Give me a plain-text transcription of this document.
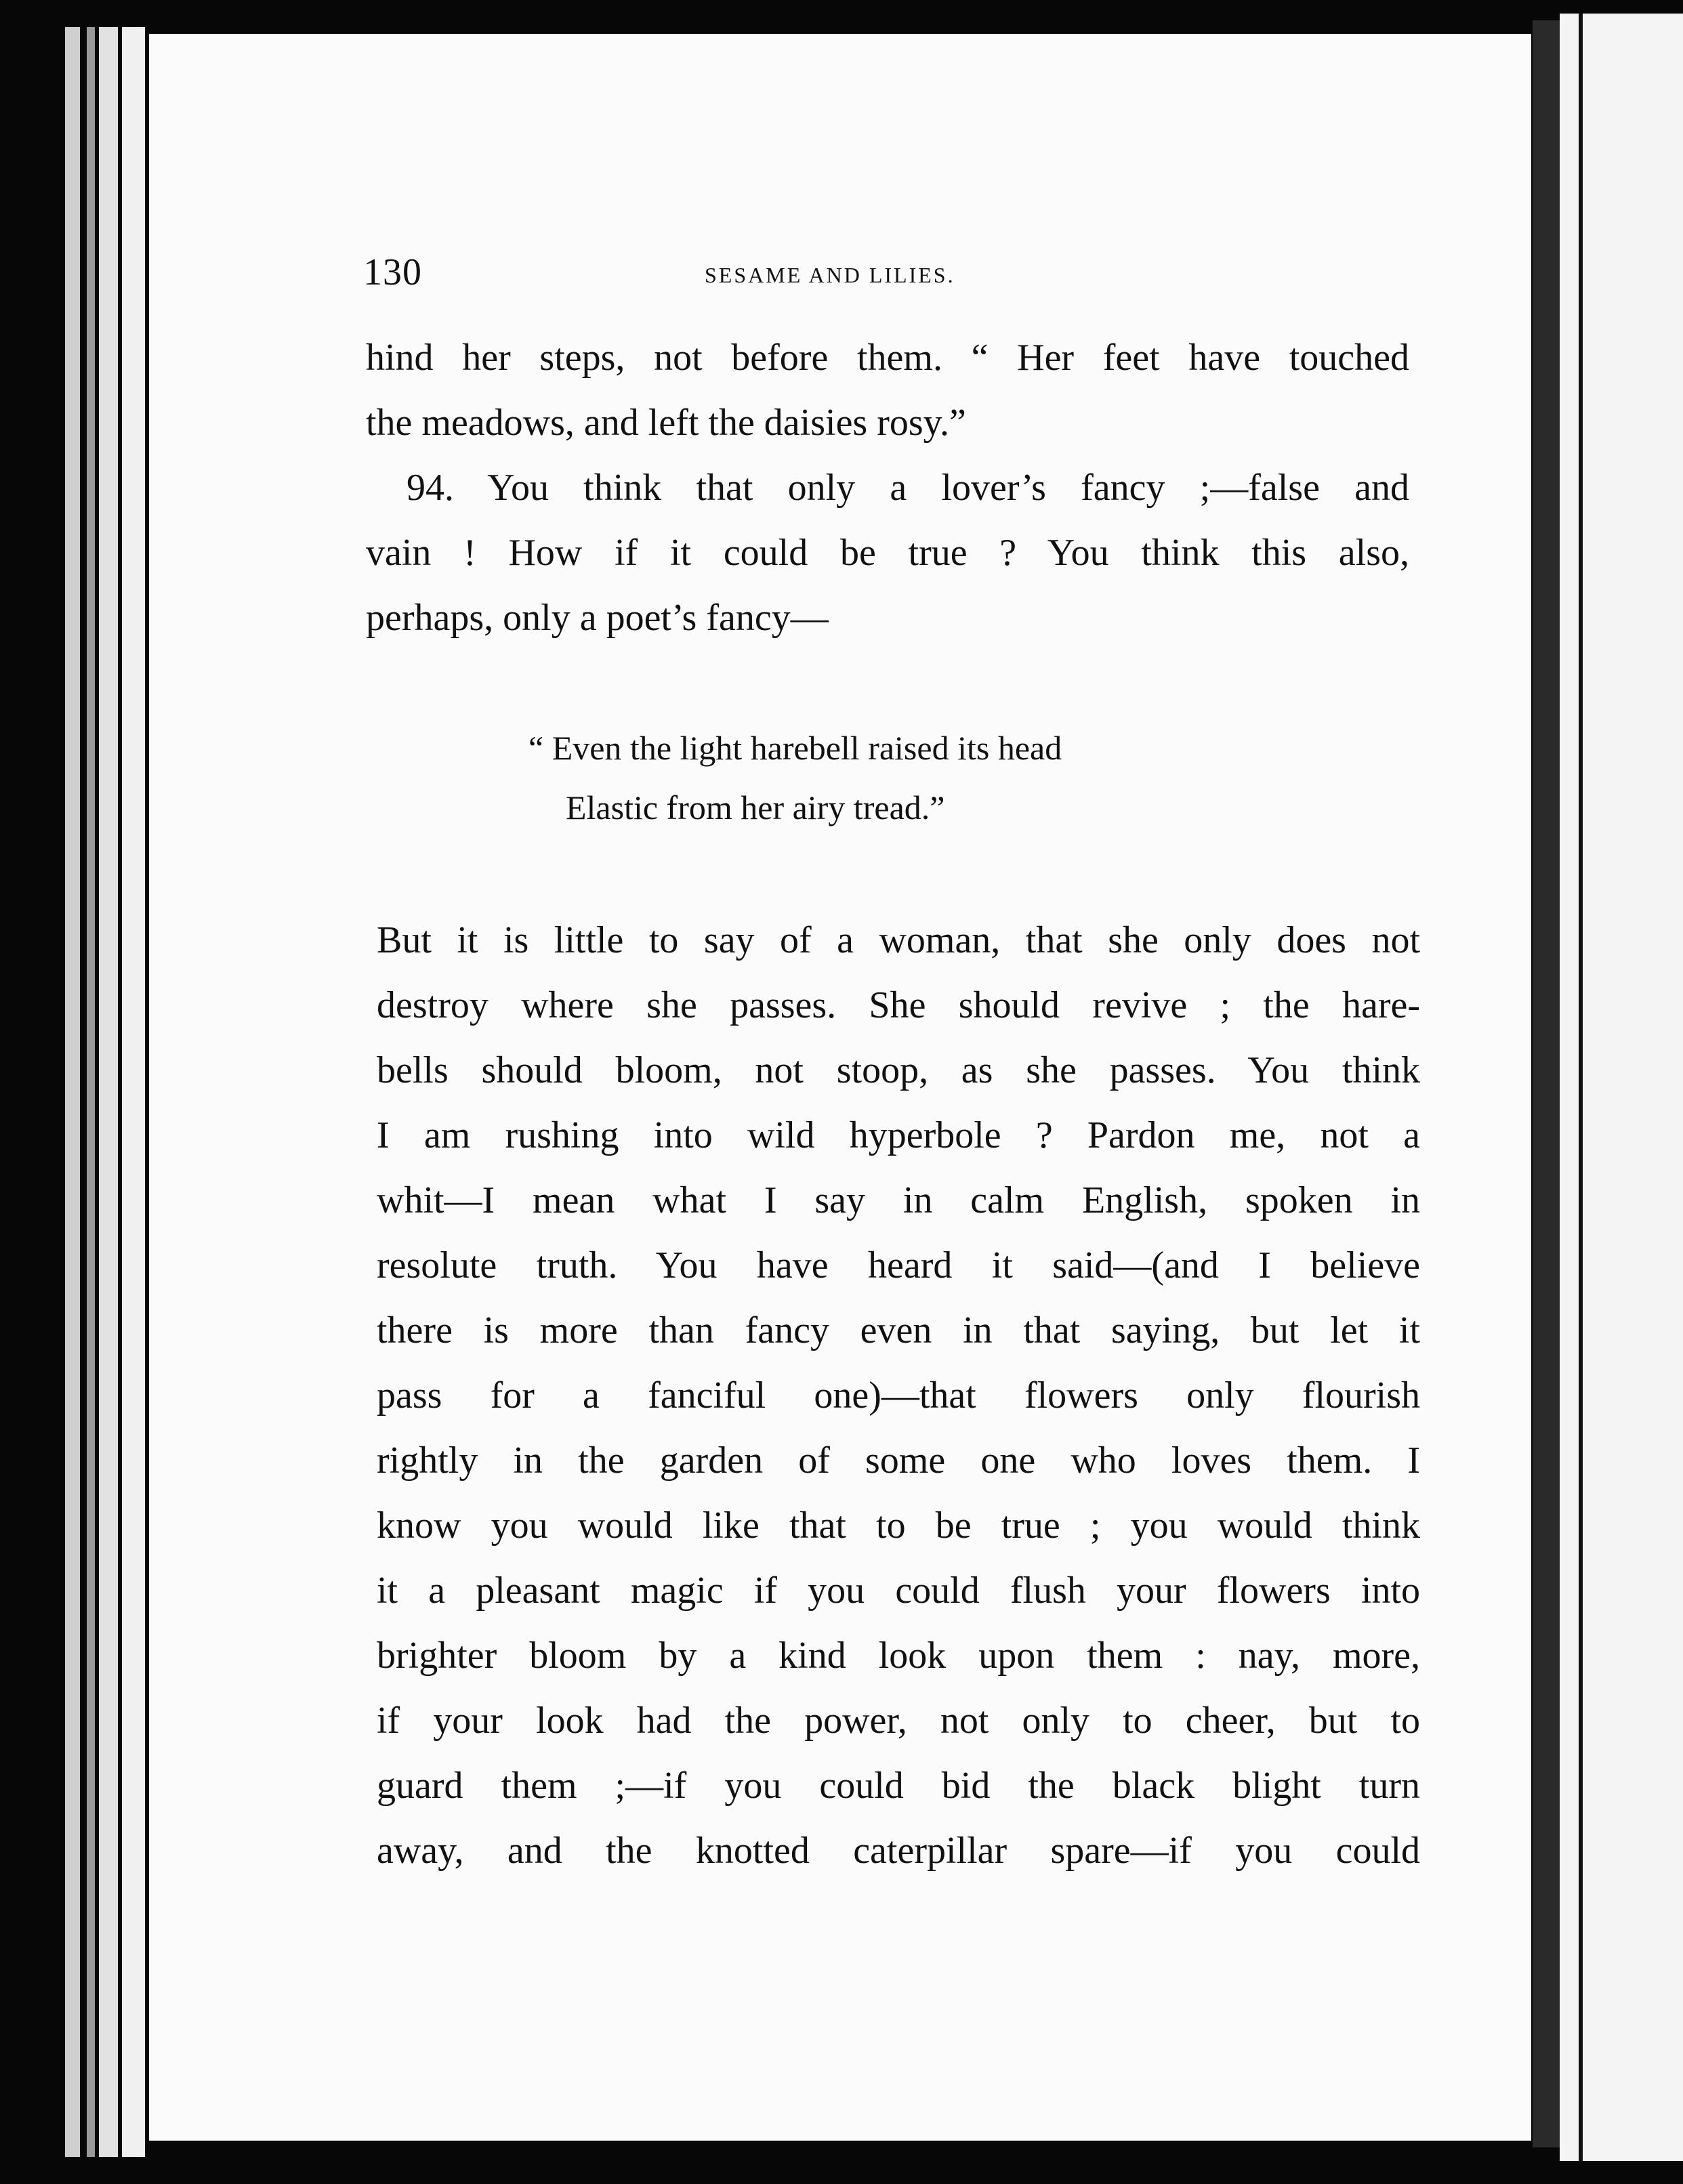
130	SESAME AND LILIES.
hind her steps, not before them. “ Her feet have touched
the meadows, and left the daisies rosy.”
94. You think that only a lover’s fancy ;—false and
vain ! How if it could be true ? You think this also,
perhaps, only a poet’s fancy—
“ Even the light harebell raised its head
Elastic from her airy tread.”
But it is little to say of a woman, that she only does not
destroy where she passes. She should revive ; the hare-
bells should bloom, not stoop, as she passes. You think
I am rushing into wild hyperbole ? Pardon me, not a
whit—I mean what I say in calm English, spoken in
resolute truth. You have heard it said—(and I believe
there is more than fancy even in that saying, but let it
pass for a fanciful one)—that flowers only flourish
rightly in the garden of some one who loves them. I
know you would like that to be true ; you would think
it a pleasant magic if you could flush your flowers into
brighter bloom by a kind look upon them : nay, more,
if your look had the power, not only to cheer, but to
guard them ;—if you could bid the black blight turn
away, and the knotted caterpillar spare—if you could
